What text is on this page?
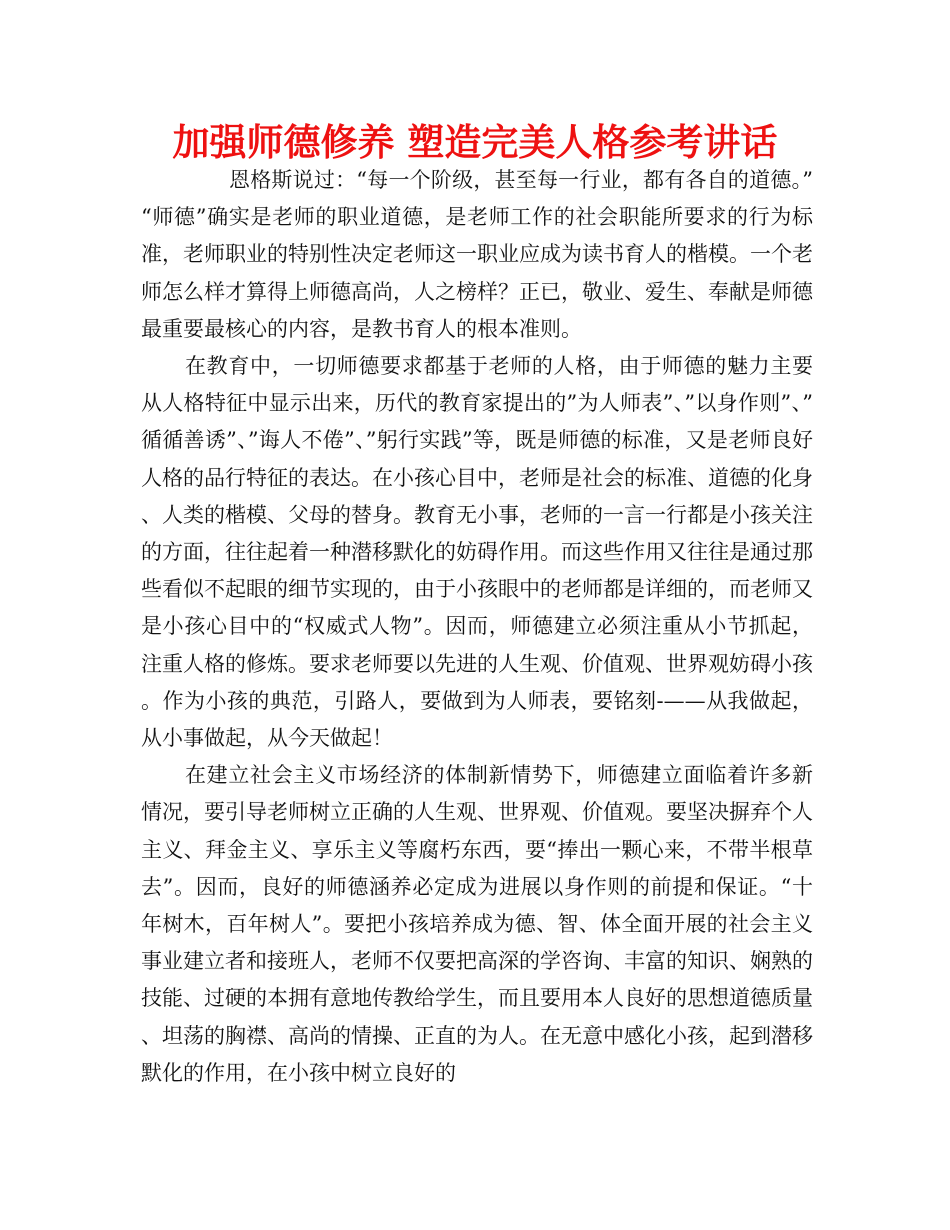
加强师德修养 塑造完美人格参考讲话

恩格斯说过：“每一个阶级，甚至每一行业，都有各自的道德。”“师德”确实是老师的职业道德，是老师工作的社会职能所要求的行为标准，老师职业的特别性决定老师这一职业应成为读书育人的楷模。一个老师怎么样才算得上师德高尚，人之榜样？正已，敬业、爱生、奉献是师德最重要最核心的内容，是教书育人的根本准则。

在教育中，一切师德要求都基于老师的人格，由于师德的魅力主要从人格特征中显示出来，历代的教育家提出的”为人师表”、”以身作则”、”循循善诱”、”诲人不倦”、”躬行实践”等，既是师德的标准，又是老师良好人格的品行特征的表达。在小孩心目中，老师是社会的标准、道德的化身、人类的楷模、父母的替身。教育无小事，老师的一言一行都是小孩关注的方面，往往起着一种潜移默化的妨碍作用。而这些作用又往往是通过那些看似不起眼的细节实现的，由于小孩眼中的老师都是详细的，而老师又是小孩心目中的“权威式人物”。因而，师德建立必须注重从小节抓起，注重人格的修炼。要求老师要以先进的人生观、价值观、世界观妨碍小孩。作为小孩的典范，引路人，要做到为人师表，要铭刻-——从我做起，从小事做起，从今天做起！

在建立社会主义市场经济的体制新情势下，师德建立面临着许多新情况，要引导老师树立正确的人生观、世界观、价值观。要坚决摒弃个人主义、拜金主义、享乐主义等腐朽东西，要“捧出一颗心来，不带半根草去”。因而，良好的师德涵养必定成为进展以身作则的前提和保证。“十年树木，百年树人”。要把小孩培养成为德、智、体全面开展的社会主义事业建立者和接班人，老师不仅要把高深的学咨询、丰富的知识、娴熟的技能、过硬的本拥有意地传教给学生，而且要用本人良好的思想道德质量、坦荡的胸襟、高尚的情操、正直的为人。在无意中感化小孩，起到潜移默化的作用，在小孩中树立良好的
